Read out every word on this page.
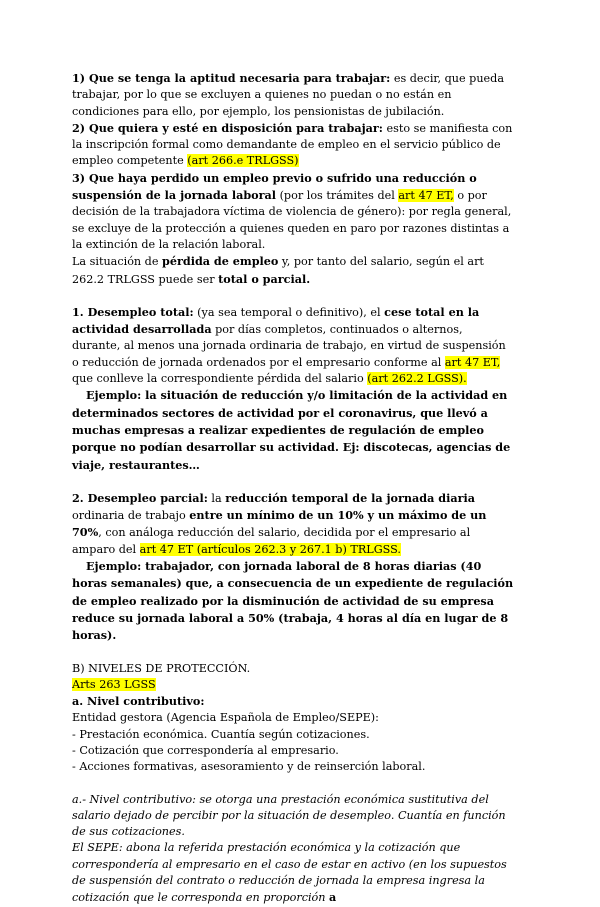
1) Que se tenga la aptitud necesaria para trabajar: es decir, que pueda trabajar, por lo que se excluyen a quienes no puedan o no están en condiciones para ello, por ejemplo, los pensionistas de jubilación.

2) Que quiera y esté en disposición para trabajar: esto se manifiesta con la inscripción formal como demandante de empleo en el servicio público de empleo competente (art 266.e TRLGSS)

3) Que haya perdido un empleo previo o sufrido una reducción o suspensión de la jornada laboral (por los trámites del art 47 ET, o por decisión de la trabajadora víctima de violencia de género): por regla general, se excluye de la protección a quienes queden en paro por razones distintas a la extinción de la relación laboral.

La situación de pérdida de empleo y, por tanto del salario, según el art 262.2 TRLGSS puede ser total o parcial.

1. Desempleo total: (ya sea temporal o definitivo), el cese total en la actividad desarrollada por días completos, continuados o alternos, durante, al menos una jornada ordinaria de trabajo, en virtud de suspensión o reducción de jornada ordenados por el empresario conforme al art 47 ET, que conlleve la correspondiente pérdida del salario (art 262.2 LGSS).

Ejemplo: la situación de reducción y/o limitación de la actividad en determinados sectores de actividad por el coronavirus, que llevó a muchas empresas a realizar expedientes de regulación de empleo porque no podían desarrollar su actividad. Ej: discotecas, agencias de viaje, restaurantes…

2. Desempleo parcial: la reducción temporal de la jornada diaria ordinaria de trabajo entre un mínimo de un 10% y un máximo de un 70%, con análoga reducción del salario, decidida por el empresario al amparo del art 47 ET (artículos 262.3 y 267.1 b) TRLGSS.

Ejemplo: trabajador, con jornada laboral de 8 horas diarias (40 horas semanales) que, a consecuencia de un expediente de regulación de empleo realizado por la disminución de actividad de su empresa reduce su jornada laboral a 50% (trabaja, 4 horas al día en lugar de 8 horas).

B) NIVELES DE PROTECCIÓN.

Arts 263 LGSS

a. Nivel contributivo:

Entidad gestora (Agencia Española de Empleo/SEPE):

- Prestación económica. Cuantía según cotizaciones.

- Cotización que correspondería al empresario.

- Acciones formativas, asesoramiento y de reinserción laboral.

a.- Nivel contributivo: se otorga una prestación económica sustitutiva del salario dejado de percibir por la situación de desempleo. Cuantía en función de sus cotizaciones.

El SEPE: abona la referida prestación económica y la cotización que correspondería al empresario en el caso de estar en activo (en los supuestos de suspensión del contrato o reducción de jornada la empresa ingresa la cotización que le corresponda en proporción a
